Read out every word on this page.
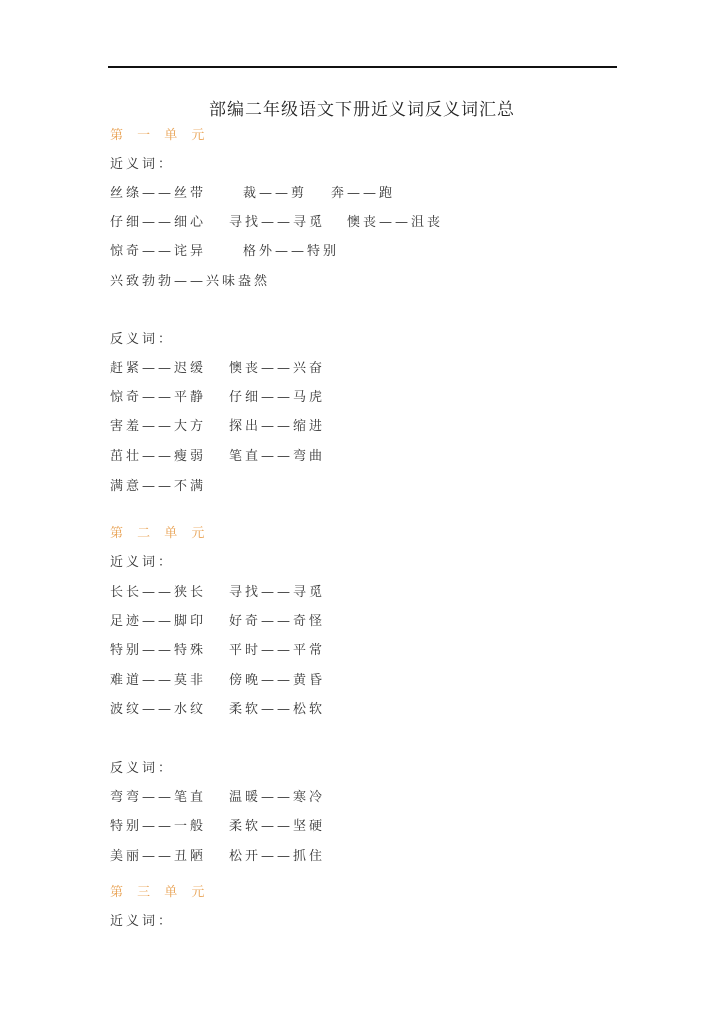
部编二年级语文下册近义词反义词汇总
第 一 单 元
近义词：
丝绦——丝带	裁——剪 奔——跑
仔细——细心 寻找——寻觅 懊丧——沮丧
惊奇——诧异	格外——特别
兴致勃勃——兴味盎然
反义词：
赶紧——迟缓 懊丧——兴奋
惊奇——平静 仔细——马虎
害羞——大方 探出——缩进
茁壮——瘦弱 笔直——弯曲
满意——不满
第 二 单 元
近义词：
长长——狭长 寻找——寻觅
足迹——脚印 好奇——奇怪
特别——特殊 平时——平常
难道——莫非 傍晚——黄昏
波纹——水纹 柔软——松软
反义词：
弯弯——笔直 温暖——寒冷
特别——一般 柔软——坚硬
美丽——丑陋 松开——抓住
第 三 单 元
近义词：
